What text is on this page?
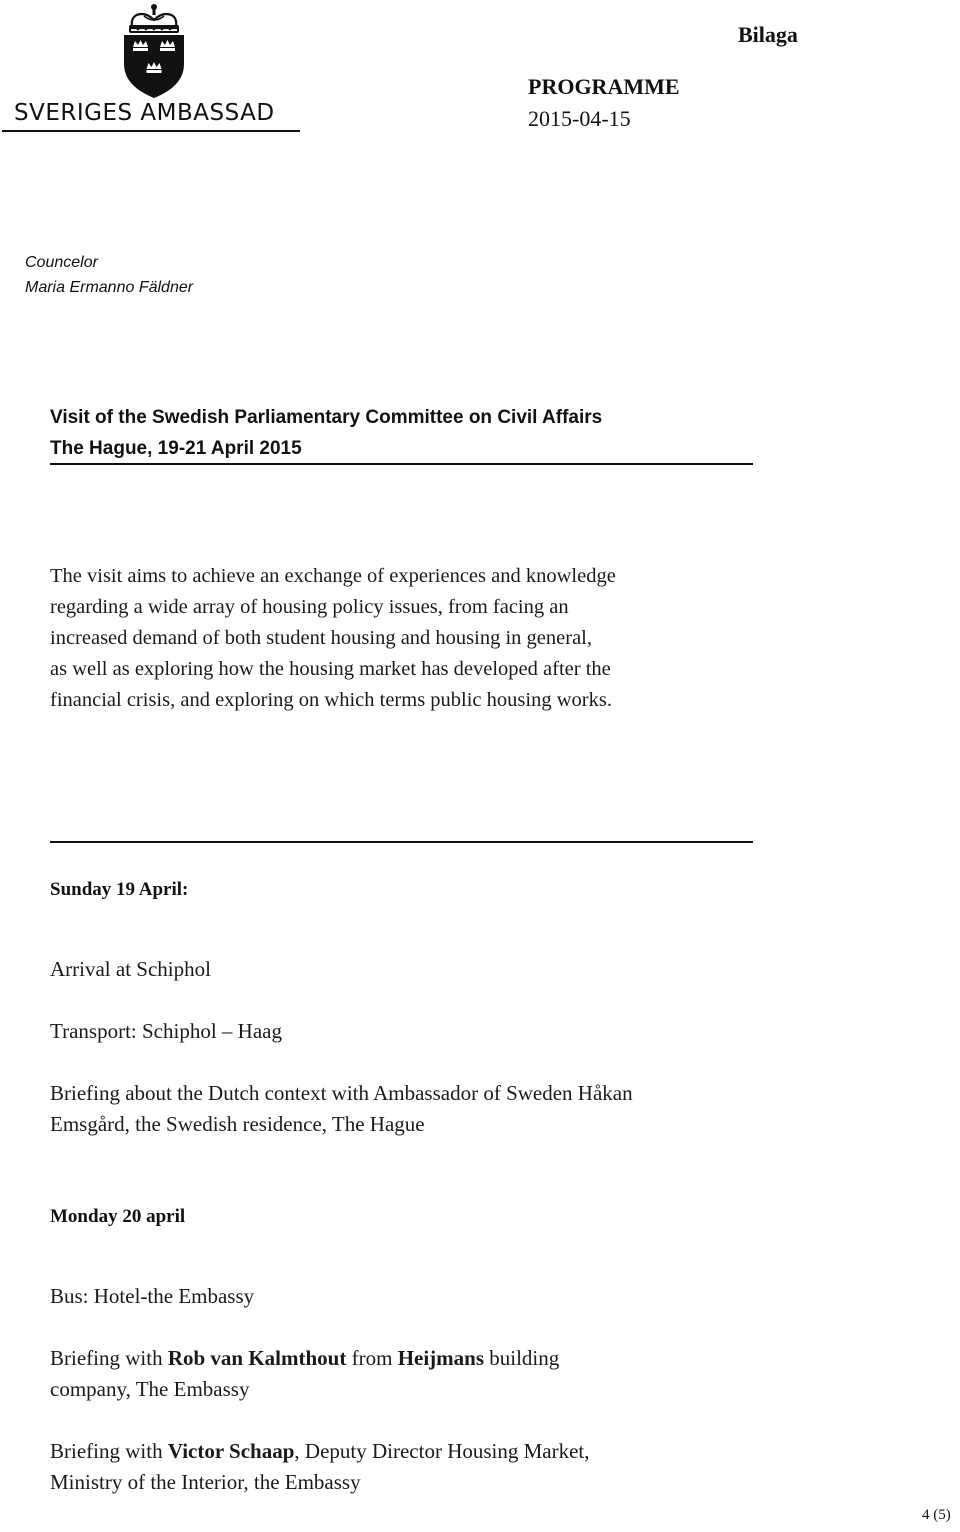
SVERIGES AMBASSAD
Bilaga
PROGRAMME
2015-04-15
Councelor
Maria Ermanno Fäldner
Visit of the Swedish Parliamentary Committee on Civil Affairs
The Hague, 19-21 April 2015
The visit aims to achieve an exchange of experiences and knowledge
regarding a wide array of housing policy issues, from facing an
increased demand of both student housing and housing in general,
as well as exploring how the housing market has developed after the
financial crisis, and exploring on which terms public housing works.
Sunday 19 April:
Arrival at Schiphol
Transport: Schiphol – Haag
Briefing about the Dutch context with Ambassador of Sweden Håkan
Emsgård, the Swedish residence, The Hague
Monday 20 april
Bus: Hotel-the Embassy
Briefing with Rob van Kalmthout from Heijmans building
company, The Embassy
Briefing with Victor Schaap, Deputy Director Housing Market,
Ministry of the Interior, the Embassy
4 (5)
